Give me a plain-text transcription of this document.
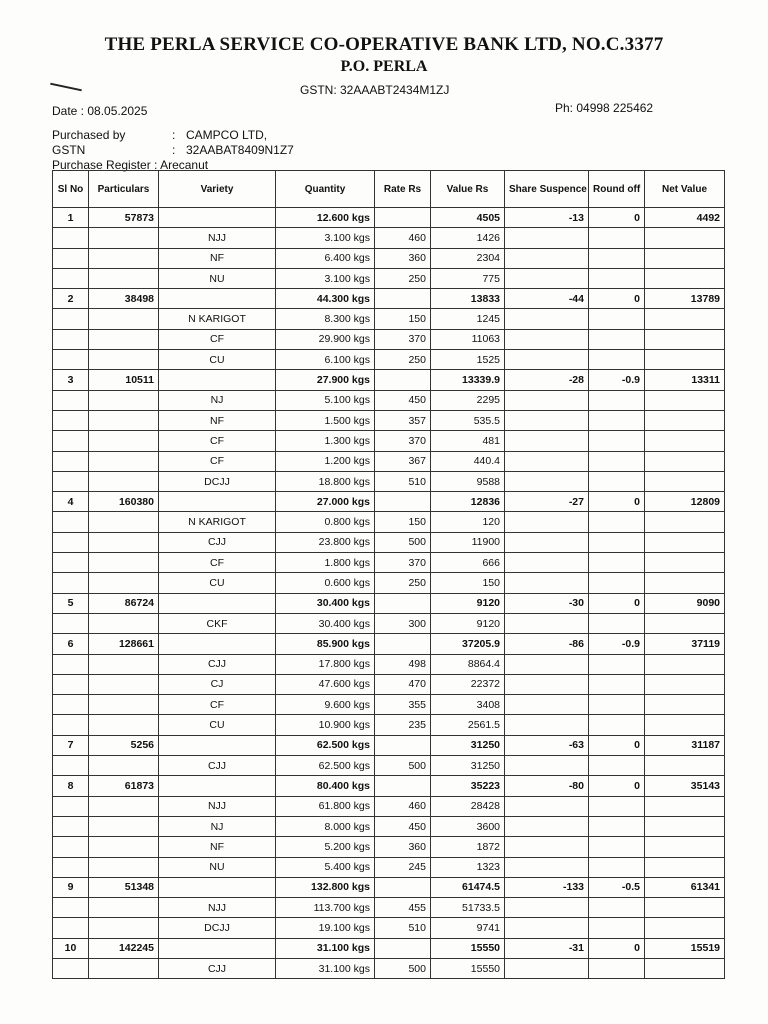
THE PERLA SERVICE CO-OPERATIVE BANK LTD, NO.C.3377
P.O. PERLA
GSTN: 32AAABT2434M1ZJ
Date : 08.05.2025	Ph: 04998 225462
Purchased by	: CAMPCO LTD,
GSTN	: 32AABAT8409N1Z7
Purchase Register : Arecanut
Sl No	Particulars	Variety	Quantity	Rate Rs	Value Rs	Share Suspence	Round off	Net Value
1	57873		12.600 kgs		4505	-13	0	4492
		NJJ	3.100 kgs	460	1426			
		NF	6.400 kgs	360	2304			
		NU	3.100 kgs	250	775			
2	38498		44.300 kgs		13833	-44	0	13789
		N KARIGOT	8.300 kgs	150	1245			
		CF	29.900 kgs	370	11063			
		CU	6.100 kgs	250	1525			
3	10511		27.900 kgs		13339.9	-28	-0.9	13311
		NJ	5.100 kgs	450	2295			
		NF	1.500 kgs	357	535.5			
		CF	1.300 kgs	370	481			
		CF	1.200 kgs	367	440.4			
		DCJJ	18.800 kgs	510	9588			
4	160380		27.000 kgs		12836	-27	0	12809
		N KARIGOT	0.800 kgs	150	120			
		CJJ	23.800 kgs	500	11900			
		CF	1.800 kgs	370	666			
		CU	0.600 kgs	250	150			
5	86724		30.400 kgs		9120	-30	0	9090
		CKF	30.400 kgs	300	9120			
6	128661		85.900 kgs		37205.9	-86	-0.9	37119
		CJJ	17.800 kgs	498	8864.4			
		CJ	47.600 kgs	470	22372			
		CF	9.600 kgs	355	3408			
		CU	10.900 kgs	235	2561.5			
7	5256		62.500 kgs		31250	-63	0	31187
		CJJ	62.500 kgs	500	31250			
8	61873		80.400 kgs		35223	-80	0	35143
		NJJ	61.800 kgs	460	28428			
		NJ	8.000 kgs	450	3600			
		NF	5.200 kgs	360	1872			
		NU	5.400 kgs	245	1323			
9	51348		132.800 kgs		61474.5	-133	-0.5	61341
		NJJ	113.700 kgs	455	51733.5			
		DCJJ	19.100 kgs	510	9741			
10	142245		31.100 kgs		15550	-31	0	15519
		CJJ	31.100 kgs	500	15550			
